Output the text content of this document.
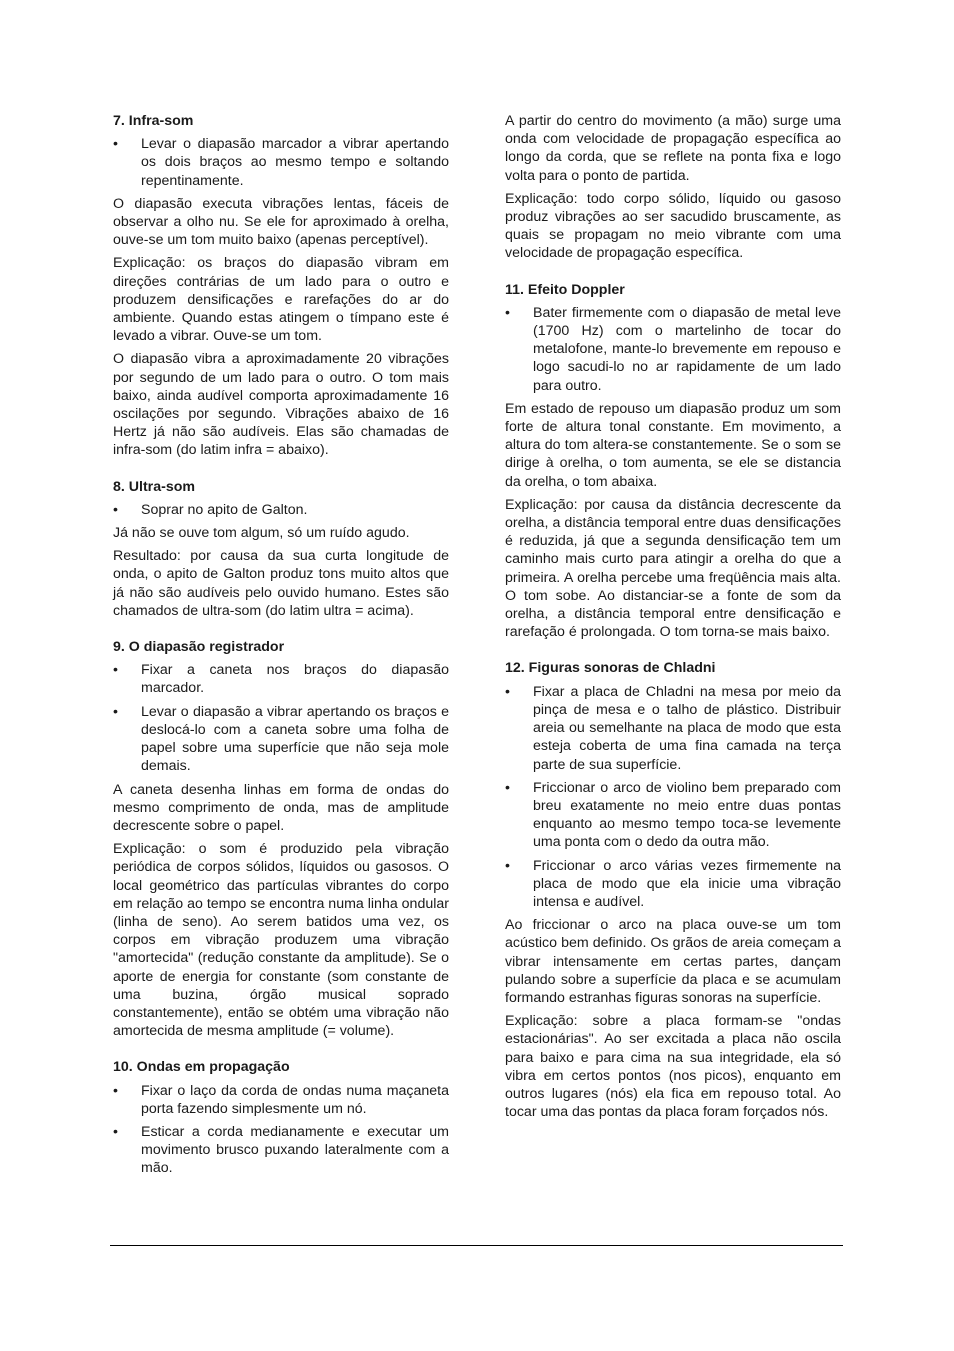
7. Infra-som
• Levar o diapasão marcador a vibrar apertando os dois braços ao mesmo tempo e soltando repentinamente.

O diapasão executa vibrações lentas, fáceis de observar a olho nu. Se ele for aproximado à orelha, ouve-se um tom muito baixo (apenas perceptível).

Explicação: os braços do diapasão vibram em direções contrárias de um lado para o outro e produzem densificações e rarefações do ar do ambiente. Quando estas atingem o tímpano este é levado a vibrar. Ouve-se um tom.

O diapasão vibra a aproximadamente 20 vibrações por segundo de um lado para o outro. O tom mais baixo, ainda audível comporta aproximadamente 16 oscilações por segundo. Vibrações abaixo de 16 Hertz já não são audíveis. Elas são chamadas de infra-som (do latim infra = abaixo).

8. Ultra-som
• Soprar no apito de Galton.

Já não se ouve tom algum, só um ruído agudo.

Resultado: por causa da sua curta longitude de onda, o apito de Galton produz tons muito altos que já não são audíveis pelo ouvido humano. Estes são chamados de ultra-som (do latim ultra = acima).

9. O diapasão registrador
• Fixar a caneta nos braços do diapasão marcador.
• Levar o diapasão a vibrar apertando os braços e deslocá-lo com a caneta sobre uma folha de papel sobre uma superfície que não seja mole demais.

A caneta desenha linhas em forma de ondas do mesmo comprimento de onda, mas de amplitude decrescente sobre o papel.

Explicação: o som é produzido pela vibração periódica de corpos sólidos, líquidos ou gasosos. O local geométrico das partículas vibrantes do corpo em relação ao tempo se encontra numa linha ondular (linha de seno). Ao serem batidos uma vez, os corpos em vibração produzem uma vibração "amortecida" (redução constante da amplitude). Se o aporte de energia for constante (som constante de uma buzina, órgão musical soprado constantemente), então se obtém uma vibração não amortecida de mesma amplitude (= volume).

10. Ondas em propagação
• Fixar o laço da corda de ondas numa maçaneta porta fazendo simplesmente um nó.
• Esticar a corda medianamente e executar um movimento brusco puxando lateralmente com a mão.

A partir do centro do movimento (a mão) surge uma onda com velocidade de propagação específica ao longo da corda, que se reflete na ponta fixa e logo volta para o ponto de partida.

Explicação: todo corpo sólido, líquido ou gasoso produz vibrações ao ser sacudido bruscamente, as quais se propagam no meio vibrante com uma velocidade de propagação específica.

11. Efeito Doppler
• Bater firmemente com o diapasão de metal leve (1700 Hz) com o martelinho de tocar do metalofone, mante-lo brevemente em repouso e logo sacudi-lo no ar rapidamente de um lado para outro.

Em estado de repouso um diapasão produz um som forte de altura tonal constante. Em movimento, a altura do tom altera-se constantemente. Se o som se dirige à orelha, o tom aumenta, se ele se distancia da orelha, o tom abaixa.

Explicação: por causa da distância decrescente da orelha, a distância temporal entre duas densificações é reduzida, já que a segunda densificação tem um caminho mais curto para atingir a orelha do que a primeira. A orelha percebe uma freqüência mais alta. O tom sobe. Ao distanciar-se a fonte de som da orelha, a distância temporal entre densificação e rarefação é prolongada. O tom torna-se mais baixo.

12. Figuras sonoras de Chladni
• Fixar a placa de Chladni na mesa por meio da pinça de mesa e o talho de plástico. Distribuir areia ou semelhante na placa de modo que esta esteja coberta de uma fina camada na terça parte de sua superfície.
• Friccionar o arco de violino bem preparado com breu exatamente no meio entre duas pontas enquanto ao mesmo tempo toca-se levemente uma ponta com o dedo da outra mão.
• Friccionar o arco várias vezes firmemente na placa de modo que ela inicie uma vibração intensa e audível.

Ao friccionar o arco na placa ouve-se um tom acústico bem definido. Os grãos de areia começam a vibrar intensamente em certas partes, dançam pulando sobre a superfície da placa e se acumulam formando estranhas figuras sonoras na superfície.

Explicação: sobre a placa formam-se "ondas estacionárias". Ao ser excitada a placa não oscila para baixo e para cima na sua integridade, ela só vibra em certos pontos (nos picos), enquanto em outros lugares (nós) ela fica em repouso total. Ao tocar uma das pontas da placa foram forçados nós.
